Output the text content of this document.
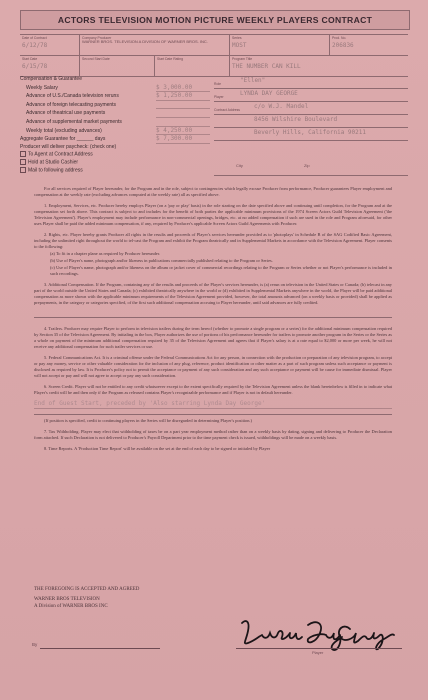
ACTORS TELEVISION MOTION PICTURE WEEKLY PLAYERS CONTRACT
Date of Contract
6/12/78
Company Producer
WARNER BROS. TELEVISION A DIVISION OF WARNER BROS. INC.
Series
MOST
Prod. No.
206836
Start Date
6/15/78
Second Start Date	Start Date Rating	Program Title
THE NUMBER CAN KILL
Compensation & Guarantee
Weekly Salary	$ 3,000.00
Advance of U.S./Canada television reruns	$ 1,250.00
Advance of foreign telecasting payments

Advance of theatrical use payments

Advance of supplemental market payments

Weekly total (excluding advances)	$ 4,250.00
Aggregate Guarantee for ______ days	$ 7,300.00
Producer will deliver paycheck: (check one)
To Agent at Contract Address
Hold at Studio Cashier
Mail to following address
Role	"Ellen"
Player	LYNDA DAY GEORGE
Contract Address c/o W.J. Mandel
8456 Wilshire Boulevard
Beverly Hills, California 90211
City	Zip

For all services required of Player hereunder, for the Program and in the role, subject to contingencies which legally excuse Producer from performance, Producer guarantees Player employment and compensation at the weekly rate (excluding advances computed at the weekly rate) all as specified above.

1. Employment, Services, etc. Producer hereby employs Player (on a 'pay or play' basis) in the role starting on the date specified above and continuing until completion, for the Program and at the compensation set forth above. This contract is subject to and includes for the benefit of both parties the applicable minimum provisions of the 1974 Screen Actors Guild Television Agreement ('the Television Agreement'). Player's employment may include performance in non-commercial openings, bridges, etc. at no added compensation if such are used in the role and Program aforesaid, for other uses Player shall be paid the added minimum compensation, if any, required by Producer's applicable Screen Actors Guild Agreements with Producer.

2. Rights, etc. Player hereby grants Producer all rights in the results and proceeds of Player's services hereunder provided as to 'photoplays' in Schedule B of the SAG Codified Basic Agreement, including the unlimited right throughout the world to tel-cast the Program and exhibit the Program theatrically and in Supplemental Markets in accordance with the Television Agreement. Player consents to the following:

(a) To fit in a chapter plane as required by Producer hereunder.

(b) Use of Player's name, photograph and/or likeness in publications commercially published relating to the Program or Series.

(c) Use of Player's name, photograph and/or likeness on the album or jacket cover of commercial recordings relating to the Program or Series whether or not Player's performance is included in such recordings.

3. Additional Compensation. If the Program, containing any of the results and proceeds of the Player's services hereunder, is (a) rerun on television in the United States or Canada; (b) telecast in any part of the world outside the United States and Canada; (c) exhibited theatrically anywhere in the world or (d) exhibited in Supplemental Markets anywhere in the world, the Player will be paid additional compensation as more shown with the applicable minimum requirements of the Television Agreement provided, however, the total amounts advanced (on a weekly basis or provided) shall be applied as prepayments, in the category or categories specified, of the first such additional compensation accruing to Player hereunder, until said advances are fully credited.

4. Trailers. Producer may require Player to perform in television trailers during the term hereof (whether to promote a single program or a series) for the additional minimum compensation required by Section 35 of the Television Agreement. By initialing in the box, Player authorizes the use of portions of his performance hereunder for trailers to promote another program in the Series or the Series as a whole on payment of the minimum additional compensation required by 35 of the Television Agreement and agrees that if Player's salary is at a rate equal to $2,000 or more per week, he will not receive any additional compensation for such trailer services or use.

5. Federal Communications Act. It is a criminal offense under the Federal Communications Act for any person, in connection with the production or preparation of any television program, to accept or pay any money, service or other valuable consideration for the inclusion of any plug, reference, product identification or other matter as a part of such program unless such acceptance or payment is disclosed as required by law. It is Producer's policy not to permit the acceptance or payment of any such consideration and any such acceptance or payment will be cause for immediate dismissal. Player will not accept or pay and will not agree to accept or pay any such consideration.

6. Screen Credit. Player will not be entitled to any credit whatsoever except to the extent specifically required by the Television Agreement unless the blank hereinbelow is filled in to indicate what Player's credit will be and then only if the Program as released contains Player's recognizable performance and if Player is not in default hereunder.

End of Guest Start, preceded by 'Also starring Lynda Day George'

(If position is specified, credit to continuing players in the Series will be disregarded in determining Player's position.)

7. Tax Withholding. Player may elect that withholding of taxes be on a part year employment method rather than on a weekly basis by dating, signing and delivering to Producer the Declaration form attached. If such Declaration is not delivered to Producer's Payroll Department prior to the time payment check is issued, withholdings will be made on a weekly basis.

8. Time Reports. A 'Production Time Report' will be available on the set at the end of each day to be signed or initialed by Player

THE FOREGOING IS ACCEPTED AND AGREED
WARNER BROS TELEVISION
A Division of WARNER BROS INC
By
Player
